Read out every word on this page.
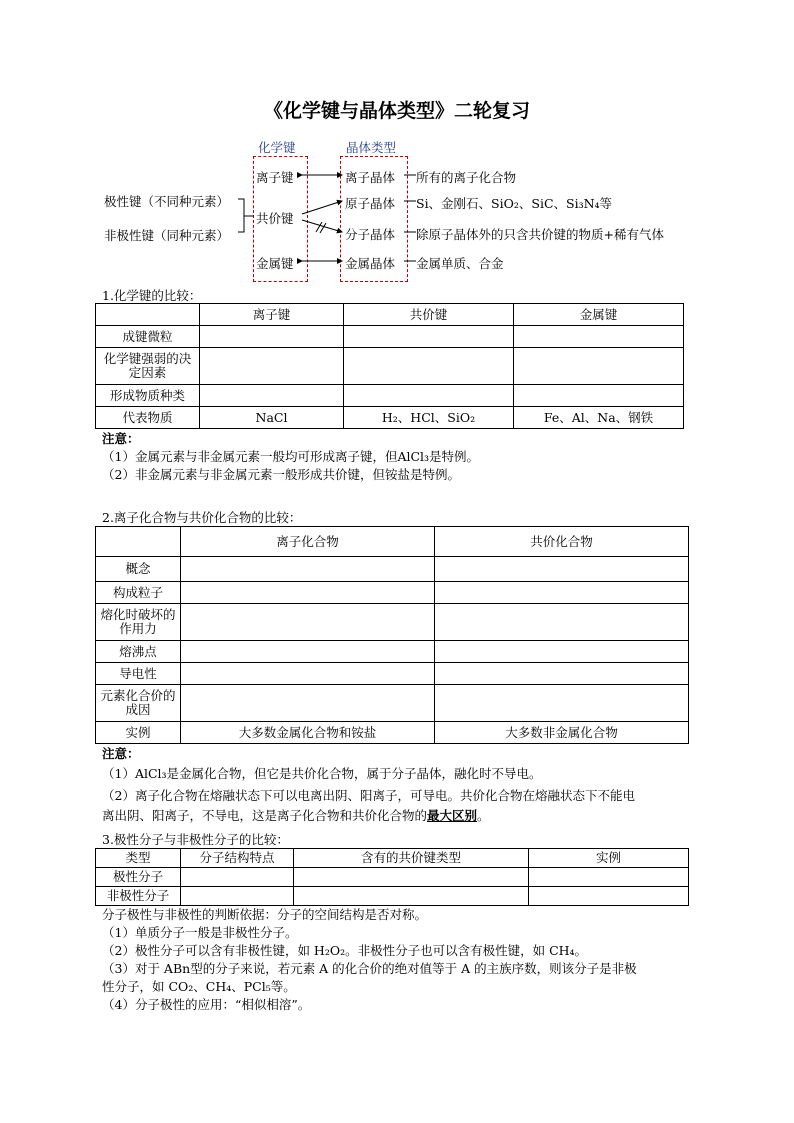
《化学键与晶体类型》二轮复习
化学键	晶体类型
极性键（不同种元素）
非极性键（同种元素）
离子键
共价键
金属键
离子晶体
原子晶体
分子晶体
金属晶体
所有的离子化合物
Si、金刚石、SiO₂、SiC、Si₃N₄等
除原子晶体外的只含共价键的物质+稀有气体
金属单质、合金
1.化学键的比较：
	离子键	共价键	金属键
成键微粒			
化学键强弱的决定因素			
形成物质种类			
代表物质	NaCl	H₂、HCl、SiO₂	Fe、Al、Na、钢铁
注意：
（1）金属元素与非金属元素一般均可形成离子键，但AlCl₃是特例。
（2）非金属元素与非金属元素一般形成共价键，但铵盐是特例。
2.离子化合物与共价化合物的比较：
	离子化合物	共价化合物
概念		
构成粒子		
熔化时破坏的作用力		
熔沸点		
导电性		
元素化合价的成因		
实例	大多数金属化合物和铵盐	大多数非金属化合物
注意：
（1）AlCl₃是金属化合物，但它是共价化合物，属于分子晶体，融化时不导电。
（2）离子化合物在熔融状态下可以电离出阴、阳离子，可导电。共价化合物在熔融状态下不能电
离出阴、阳离子，不导电，这是离子化合物和共价化合物的最大区别。
3.极性分子与非极性分子的比较：
类型	分子结构特点	含有的共价键类型	实例
极性分子			
非极性分子			
分子极性与非极性的判断依据：分子的空间结构是否对称。
（1）单质分子一般是非极性分子。
（2）极性分子可以含有非极性键，如 H₂O₂。非极性分子也可以含有极性键，如 CH₄。
（3）对于 ABn型的分子来说，若元素 A 的化合价的绝对值等于 A 的主族序数，则该分子是非极
性分子，如 CO₂、CH₄、PCl₅等。
（4）分子极性的应用：“相似相溶”。
